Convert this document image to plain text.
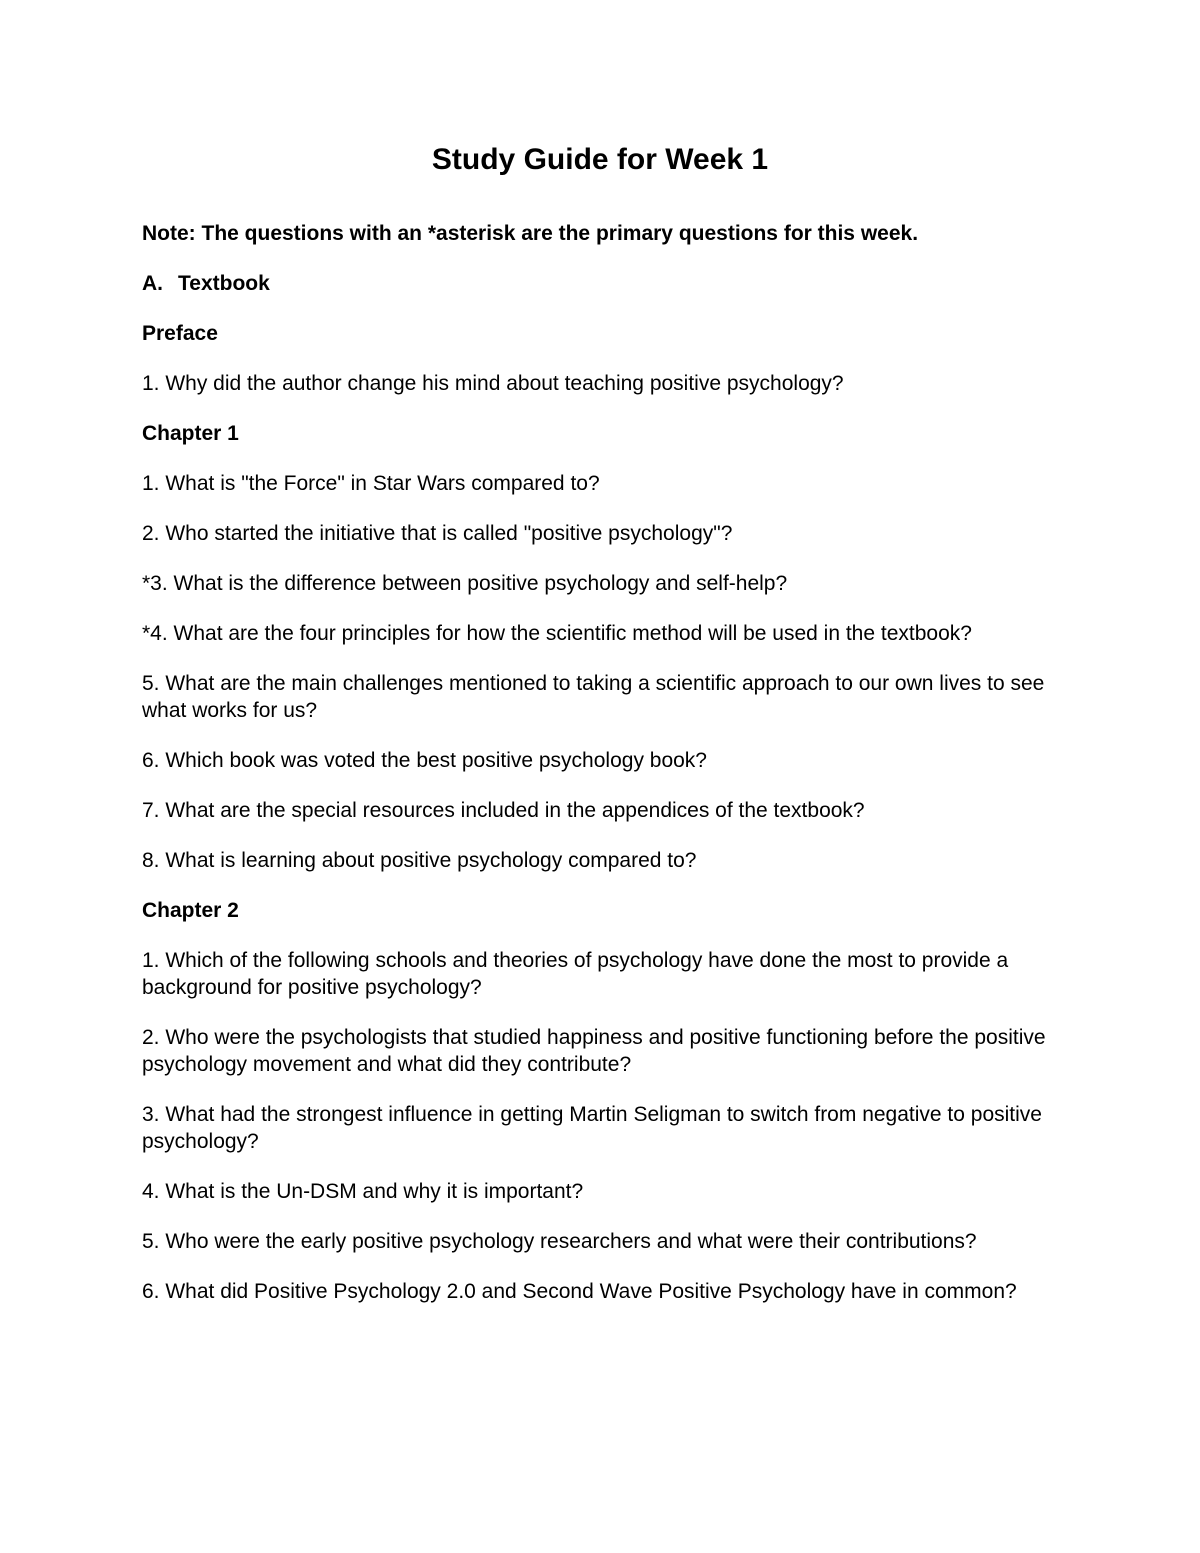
Study Guide for Week 1

Note: The questions with an *asterisk are the primary questions for this week.

A. Textbook

Preface

1. Why did the author change his mind about teaching positive psychology?

Chapter 1

1. What is "the Force" in Star Wars compared to?

2. Who started the initiative that is called "positive psychology"?

*3. What is the difference between positive psychology and self-help?

*4. What are the four principles for how the scientific method will be used in the textbook?

5. What are the main challenges mentioned to taking a scientific approach to our own lives to see what works for us?

6. Which book was voted the best positive psychology book?

7. What are the special resources included in the appendices of the textbook?

8. What is learning about positive psychology compared to?

Chapter 2

1. Which of the following schools and theories of psychology have done the most to provide a background for positive psychology?

2. Who were the psychologists that studied happiness and positive functioning before the positive psychology movement and what did they contribute?

3. What had the strongest influence in getting Martin Seligman to switch from negative to positive psychology?

4. What is the Un-DSM and why it is important?

5. Who were the early positive psychology researchers and what were their contributions?

6. What did Positive Psychology 2.0 and Second Wave Positive Psychology have in common?
